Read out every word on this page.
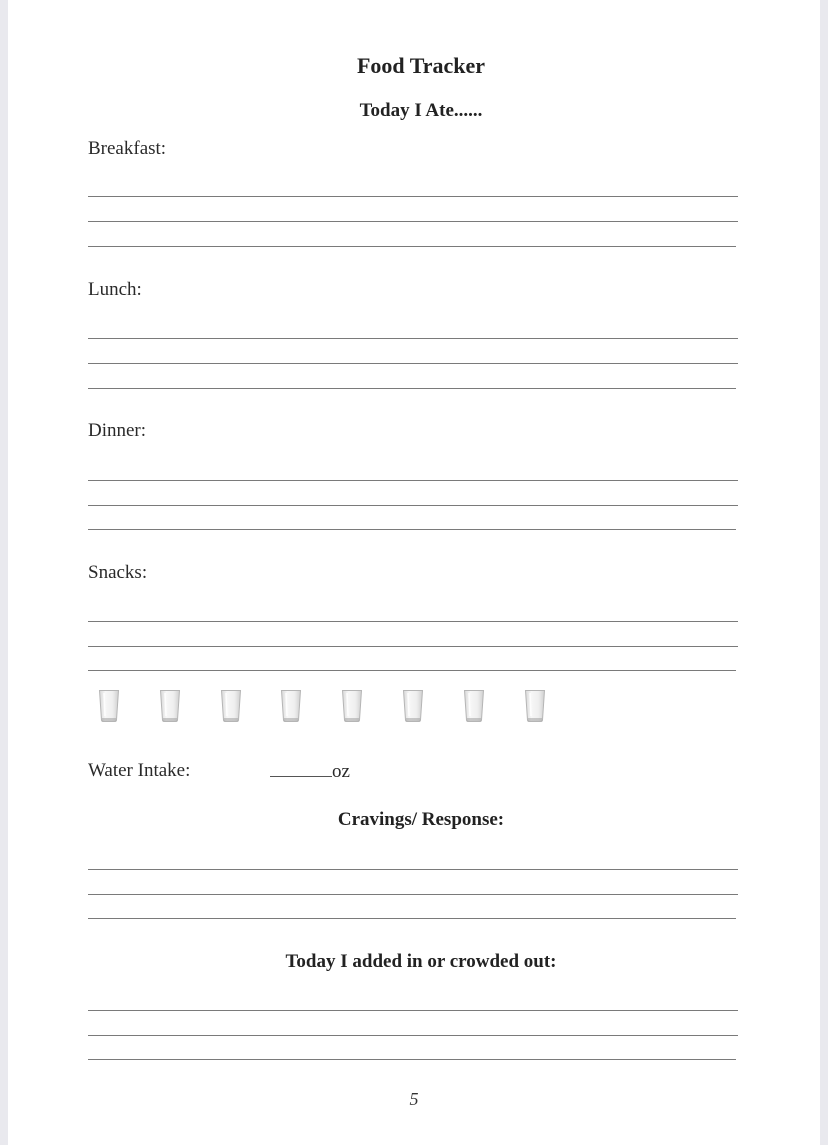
Food Tracker
Today I Ate......
Breakfast:
Lunch:
Dinner:
Snacks:
Water Intake:	oz
Cravings/ Response:
Today I added in or crowded out:
5
